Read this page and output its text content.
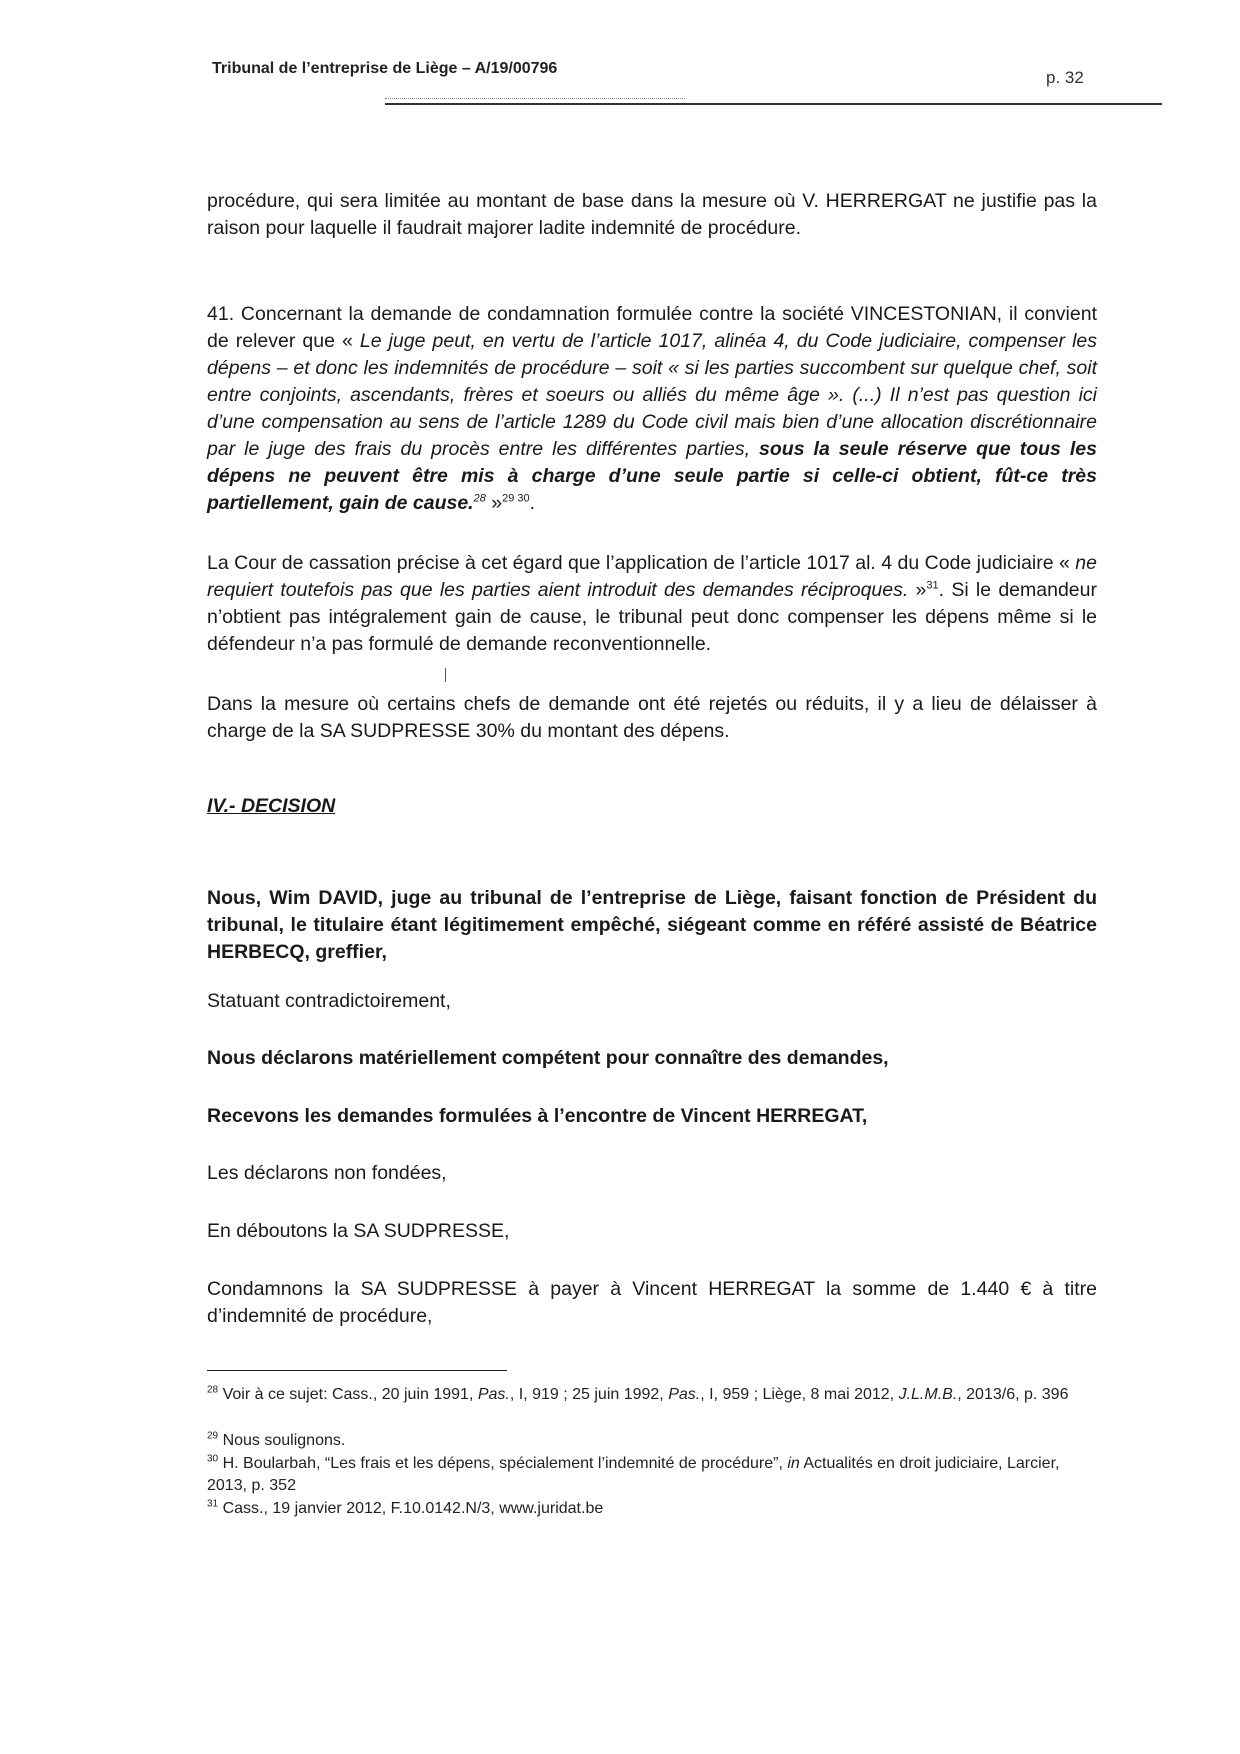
Tribunal de l’entreprise de Liège – A/19/00796	p. 32

procédure, qui sera limitée au montant de base dans la mesure où V. HERRERGAT ne justifie pas la raison pour laquelle il faudrait majorer ladite indemnité de procédure.

41. Concernant la demande de condamnation formulée contre la société VINCESTONIAN, il convient de relever que « Le juge peut, en vertu de l’article 1017, alinéa 4, du Code judiciaire, compenser les dépens – et donc les indemnités de procédure – soit « si les parties succombent sur quelque chef, soit entre conjoints, ascendants, frères et soeurs ou alliés du même âge ». (...) Il n’est pas question ici d’une compensation au sens de l’article 1289 du Code civil mais bien d’une allocation discrétionnaire par le juge des frais du procès entre les différentes parties, sous la seule réserve que tous les dépens ne peuvent être mis à charge d’une seule partie si celle-ci obtient, fût-ce très partiellement, gain de cause.$^{28}$ »$^{29 30}$.

La Cour de cassation précise à cet égard que l’application de l’article 1017 al. 4 du Code judiciaire « ne requiert toutefois pas que les parties aient introduit des demandes réciproques. »$^{31}$. Si le demandeur n’obtient pas intégralement gain de cause, le tribunal peut donc compenser les dépens même si le défendeur n’a pas formulé de demande reconventionnelle.

Dans la mesure où certains chefs de demande ont été rejetés ou réduits, il y a lieu de délaisser à charge de la SA SUDPRESSE 30% du montant des dépens.

IV.- DECISION

Nous, Wim DAVID, juge au tribunal de l’entreprise de Liège, faisant fonction de Président du tribunal, le titulaire étant légitimement empêché, siégeant comme en référé assisté de Béatrice HERBECQ, greffier,

Statuant contradictoirement,

Nous déclarons matériellement compétent pour connaître des demandes,

Recevons les demandes formulées à l’encontre de Vincent HERREGAT,

Les déclarons non fondées,

En déboutons la SA SUDPRESSE,

Condamnons la SA SUDPRESSE à payer à Vincent HERREGAT la somme de 1.440 € à titre d’indemnité de procédure,

$^{28}$ Voir à ce sujet: Cass., 20 juin 1991, Pas., I, 919 ; 25 juin 1992, Pas., I, 959 ; Liège, 8 mai 2012, J.L.M.B., 2013/6, p. 396
$^{29}$ Nous soulignons.
$^{30}$ H. Boularbah, “Les frais et les dépens, spécialement l’indemnité de procédure”, in Actualités en droit judiciaire, Larcier, 2013, p. 352
$^{31}$ Cass., 19 janvier 2012, F.10.0142.N/3, www.juridat.be
